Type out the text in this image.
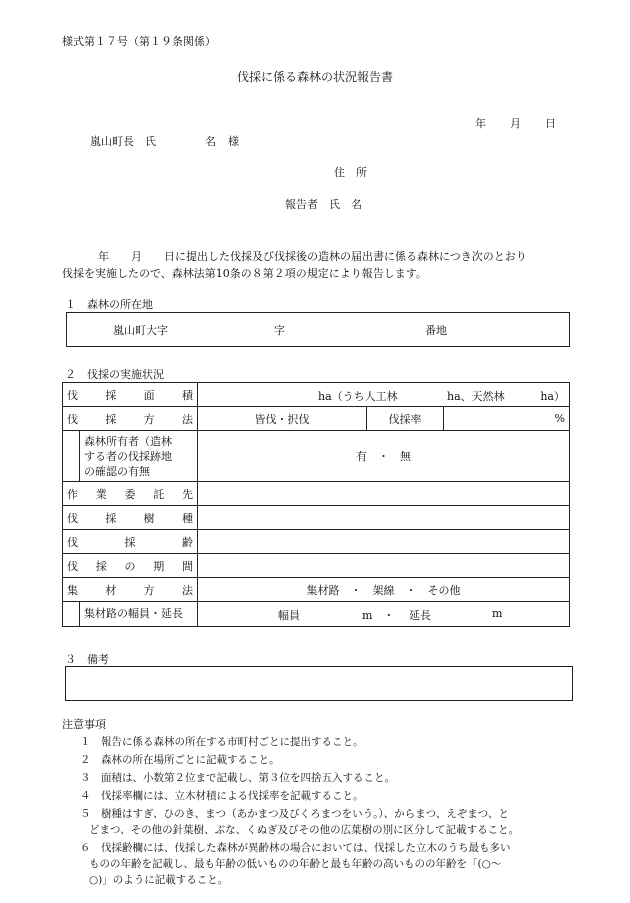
様式第１７号（第１９条関係）
伐採に係る森林の状況報告書
年 月 日
嵐山町長　氏	名 様
住　所
報告者　氏　名
年　　月　　日に提出した伐採及び伐採後の造林の届出書に係る森林につき次のとおり
伐採を実施したので、森林法第10条の８第２項の規定により報告します。
１　森林の所在地
嵐山町大字	字	番地
２　伐採の実施状況
伐 採 面 積	ha（うち人工林 ha、天然林 ha）		

伐 採 方 法	皆伐・択伐	伐採率	%

森林所有者（造林
する者の伐採跡地
の確認の有無	有　・　無		

作 業 委 託 先			

伐 採 樹 種			

伐 採 齢			

伐 採 の 期 間			

集 材 方 法	集材路　・　架線　・　その他		

集材路の幅員・延長	幅員 m　・ 延長 m		
３　備考
注意事項
１　報告に係る森林の所在する市町村ごとに提出すること。
２　森林の所在場所ごとに記載すること。
３　面積は、小数第２位まで記載し、第３位を四捨五入すること。
４　伐採率欄には、立木材積による伐採率を記載すること。
５　樹種はすぎ、ひのき、まつ（あかまつ及びくろまつをいう。）、からまつ、えぞまつ、と
どまつ、その他の針葉樹、ぶな、くぬぎ及びその他の広葉樹の別に区分して記載すること。
６　伐採齢欄には、伐採した森林が異齢林の場合においては、伐採した立木のうち最も多い
ものの年齢を記載し、最も年齢の低いものの年齢と最も年齢の高いものの年齢を「(○〜
○)」のように記載すること。
